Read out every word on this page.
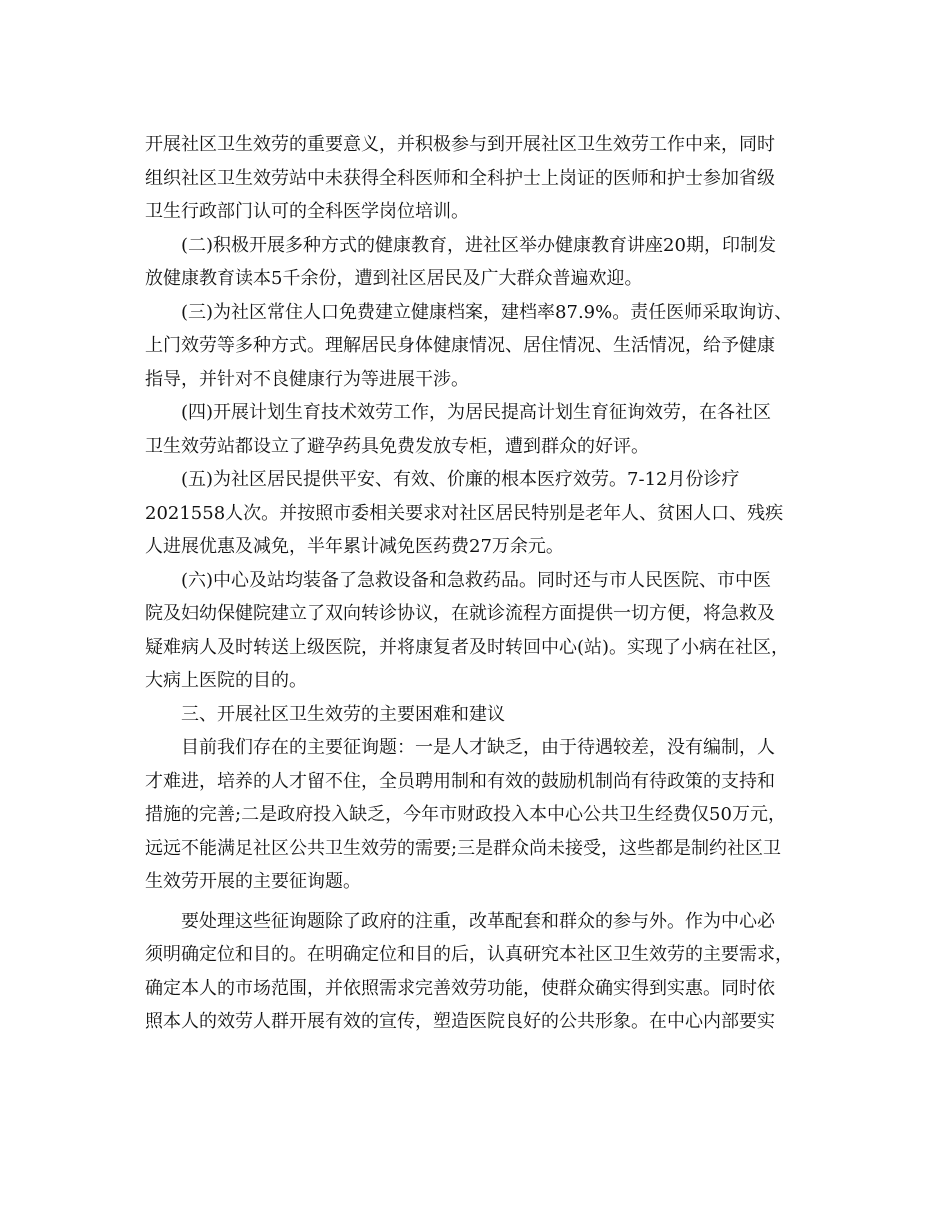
开展社区卫生效劳的重要意义，并积极参与到开展社区卫生效劳工作中来，同时
组织社区卫生效劳站中未获得全科医师和全科护士上岗证的医师和护士参加省级
卫生行政部门认可的全科医学岗位培训。
(二)积极开展多种方式的健康教育，进社区举办健康教育讲座20期，印制发
放健康教育读本5千余份，遭到社区居民及广大群众普遍欢迎。
(三)为社区常住人口免费建立健康档案，建档率87.9%。责任医师采取询访、
上门效劳等多种方式。理解居民身体健康情况、居住情况、生活情况，给予健康
指导，并针对不良健康行为等进展干涉。
(四)开展计划生育技术效劳工作，为居民提高计划生育征询效劳，在各社区
卫生效劳站都设立了避孕药具免费发放专柜，遭到群众的好评。
(五)为社区居民提供平安、有效、价廉的根本医疗效劳。7-12月份诊疗
2021558人次。并按照市委相关要求对社区居民特别是老年人、贫困人口、残疾
人进展优惠及减免，半年累计减免医药费27万余元。
(六)中心及站均装备了急救设备和急救药品。同时还与市人民医院、市中医
院及妇幼保健院建立了双向转诊协议，在就诊流程方面提供一切方便，将急救及
疑难病人及时转送上级医院，并将康复者及时转回中心(站)。实现了小病在社区，
大病上医院的目的。
三、开展社区卫生效劳的主要困难和建议
目前我们存在的主要征询题：一是人才缺乏，由于待遇较差，没有编制，人
才难进，培养的人才留不住，全员聘用制和有效的鼓励机制尚有待政策的支持和
措施的完善;二是政府投入缺乏，今年市财政投入本中心公共卫生经费仅50万元，
远远不能满足社区公共卫生效劳的需要;三是群众尚未接受，这些都是制约社区卫
生效劳开展的主要征询题。
要处理这些征询题除了政府的注重，改革配套和群众的参与外。作为中心必
须明确定位和目的。在明确定位和目的后，认真研究本社区卫生效劳的主要需求，
确定本人的市场范围，并依照需求完善效劳功能，使群众确实得到实惠。同时依
照本人的效劳人群开展有效的宣传，塑造医院良好的公共形象。在中心内部要实
